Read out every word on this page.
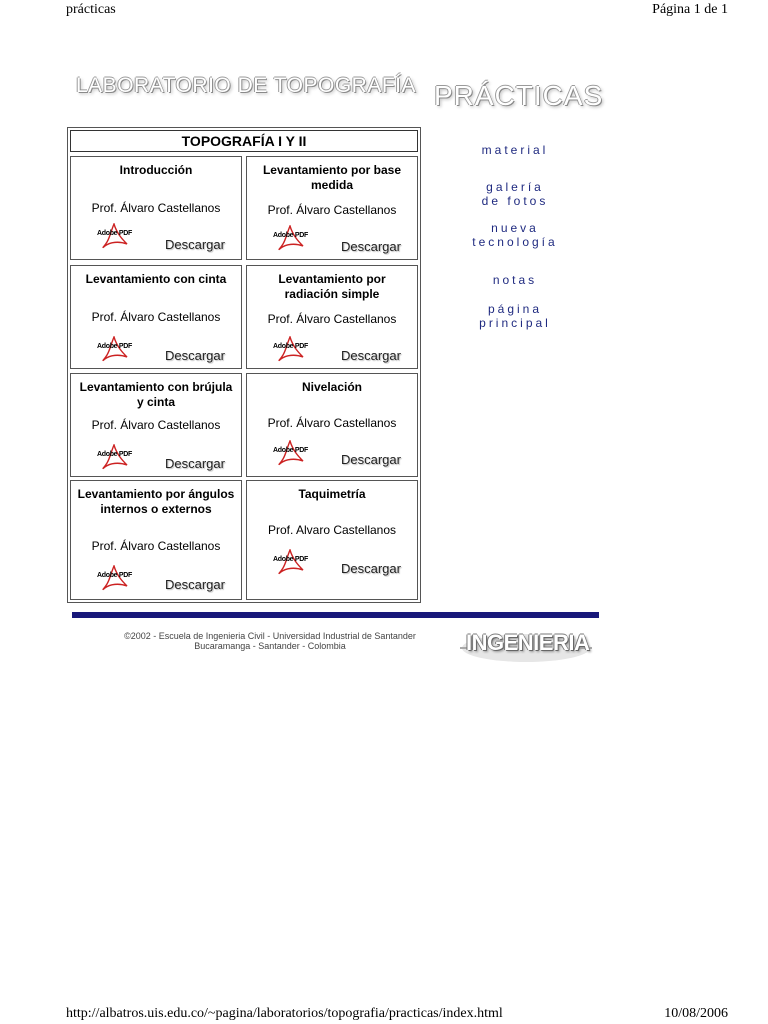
prácticas	Página 1 de 1
LABORATORIO DE TOPOGRAFÍA PRÁCTICAS
TOPOGRAFÍA I Y II
Introducción
Prof. Álvaro Castellanos
Adobe PDF
Descargar
Levantamiento por base medida
Prof. Álvaro Castellanos
Adobe PDF
Descargar
Levantamiento con cinta
Prof. Álvaro Castellanos
Adobe PDF
Descargar
Levantamiento por radiación simple
Prof. Álvaro Castellanos
Adobe PDF
Descargar
Levantamiento con brújula y cinta
Prof. Álvaro Castellanos
Adobe PDF
Descargar
Nivelación
Prof. Álvaro Castellanos
Adobe PDF
Descargar
Levantamiento por ángulos internos o externos
Prof. Álvaro Castellanos
Adobe PDF
Descargar
Taquimetría
Prof. Alvaro Castellanos
Adobe PDF
Descargar
material
galería
de fotos
nueva
tecnología
notas
página
principal
©2002 - Escuela de Ingenieria Civil - Universidad Industrial de Santander
Bucaramanga - Santander - Colombia	INGENIERIA
http://albatros.uis.edu.co/~pagina/laboratorios/topografia/practicas/index.html	10/08/2006
